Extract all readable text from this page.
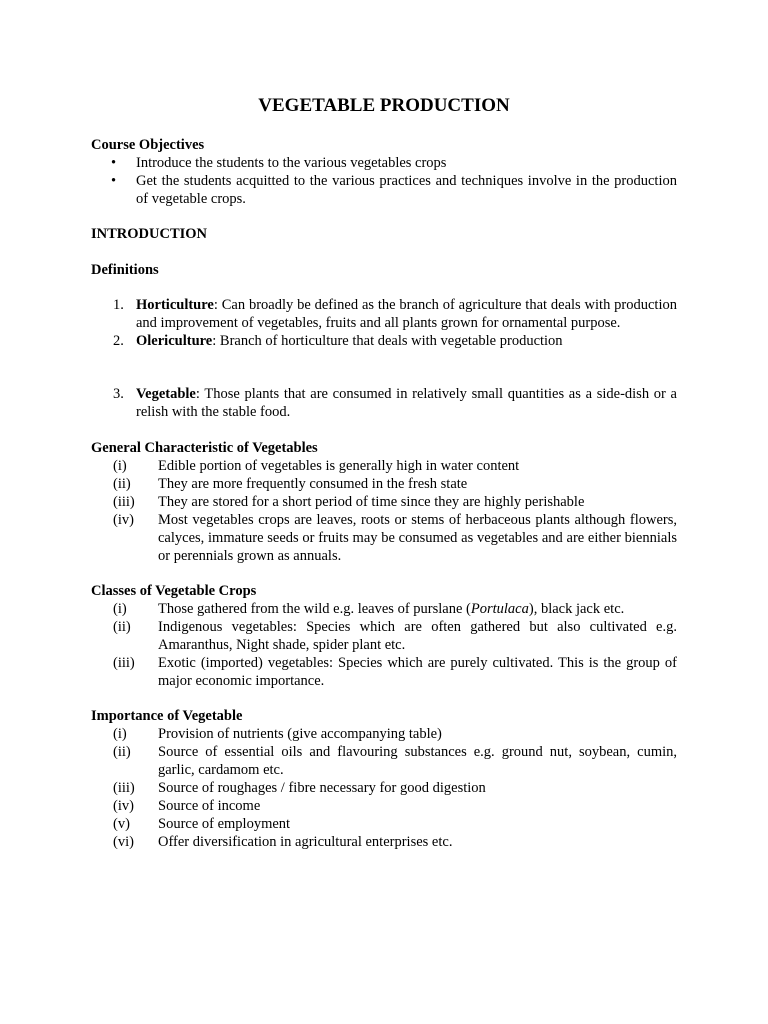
VEGETABLE PRODUCTION

Course Objectives

• Introduce the students to the various vegetables crops
• Get the students acquitted to the various practices and techniques involve in the production of vegetable crops.

INTRODUCTION

Definitions

1. Horticulture: Can broadly be defined as the branch of agriculture that deals with production and improvement of vegetables, fruits and all plants grown for ornamental purpose.
2. Olericulture: Branch of horticulture that deals with vegetable production
3. Vegetable: Those plants that are consumed in relatively small quantities as a side-dish or a relish with the stable food.

General Characteristic of Vegetables

(i) Edible portion of vegetables is generally high in water content
(ii) They are more frequently consumed in the fresh state
(iii) They are stored for a short period of time since they are highly perishable
(iv) Most vegetables crops are leaves, roots or stems of herbaceous plants although flowers, calyces, immature seeds or fruits may be consumed as vegetables and are either biennials or perennials grown as annuals.

Classes of Vegetable Crops

(i) Those gathered from the wild e.g. leaves of purslane (Portulaca), black jack etc.
(ii) Indigenous vegetables: Species which are often gathered but also cultivated e.g. Amaranthus, Night shade, spider plant etc.
(iii) Exotic (imported) vegetables: Species which are purely cultivated. This is the group of major economic importance.

Importance of Vegetable

(i) Provision of nutrients (give accompanying table)
(ii) Source of essential oils and flavouring substances e.g. ground nut, soybean, cumin, garlic, cardamom etc.
(iii) Source of roughages / fibre necessary for good digestion
(iv) Source of income
(v) Source of employment
(vi) Offer diversification in agricultural enterprises etc.
